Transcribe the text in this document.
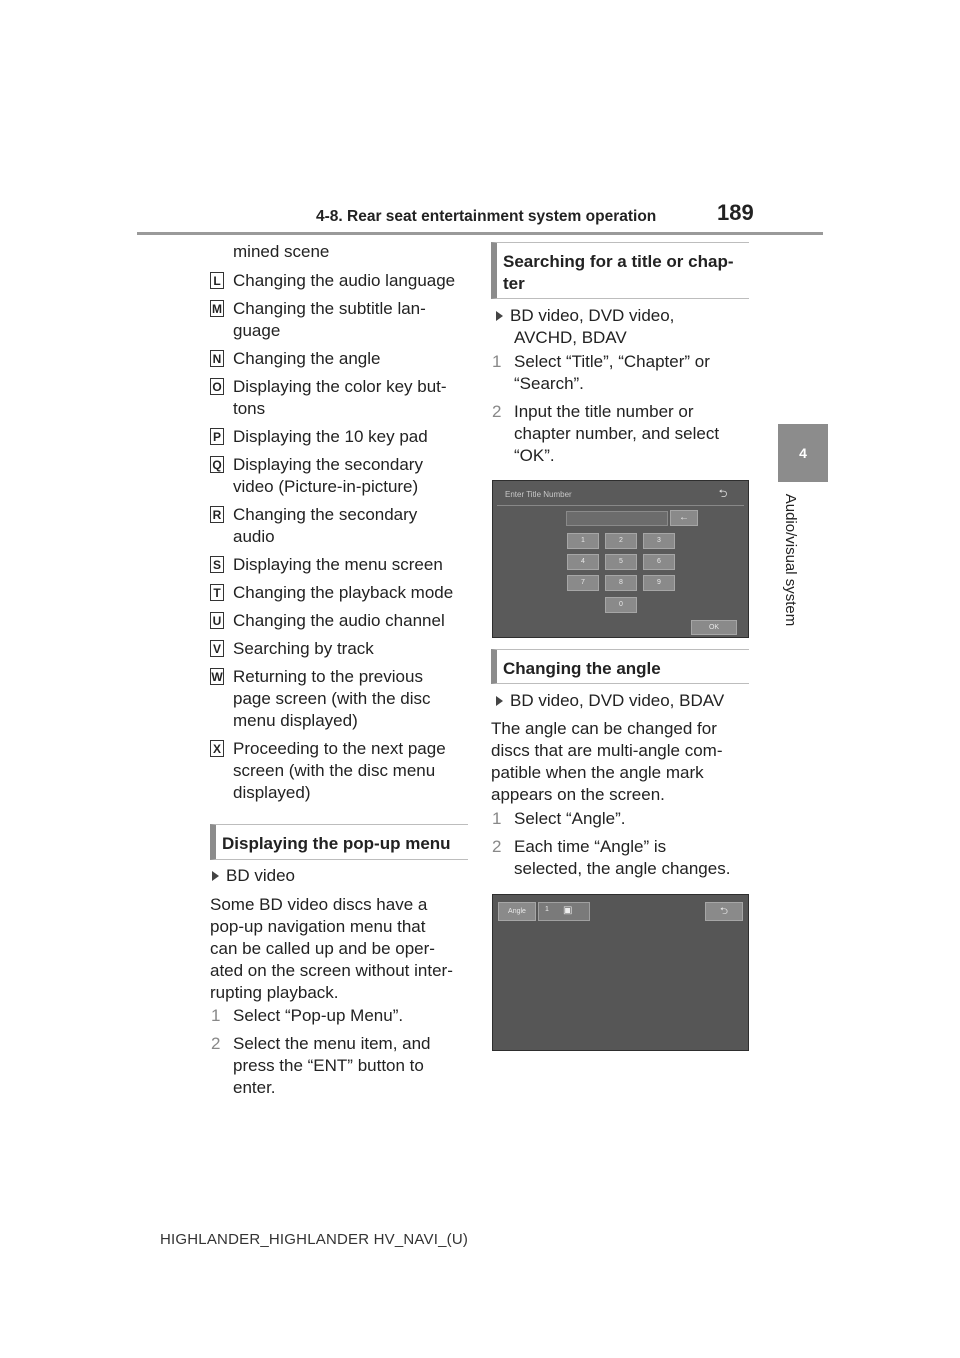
4-8. Rear seat entertainment system operation	189
4
Audio/visual system
mined scene
L Changing the audio language
M Changing the subtitle lan-
guage
N Changing the angle
O Displaying the color key but-
tons
P Displaying the 10 key pad
Q Displaying the secondary
video (Picture-in-picture)
R Changing the secondary
audio
S Displaying the menu screen
T Changing the playback mode
U Changing the audio channel
V Searching by track
W Returning to the previous
page screen (with the disc
menu displayed)
X Proceeding to the next page
screen (with the disc menu
displayed)
Displaying the pop-up menu
BD video
Some BD video discs have a
pop-up navigation menu that
can be called up and be oper-
ated on the screen without inter-
rupting playback.
1 Select “Pop-up Menu”.
2 Select the menu item, and
press the “ENT” button to
enter.
Searching for a title or chap-
ter
BD video, DVD video,
AVCHD, BDAV
1 Select “Title”, “Chapter” or
“Search”.
2 Input the title number or
chapter number, and select
“OK”.
Enter Title Number	⮌
←
1	2	3
4	5	6
7	8	9
0
OK
Changing the angle
BD video, DVD video, BDAV
The angle can be changed for
discs that are multi-angle com-
patible when the angle mark
appears on the screen.
1 Select “Angle”.
2 Each time “Angle” is
selected, the angle changes.
Angle	1 ▣	⮌
HIGHLANDER_HIGHLANDER HV_NAVI_(U)
